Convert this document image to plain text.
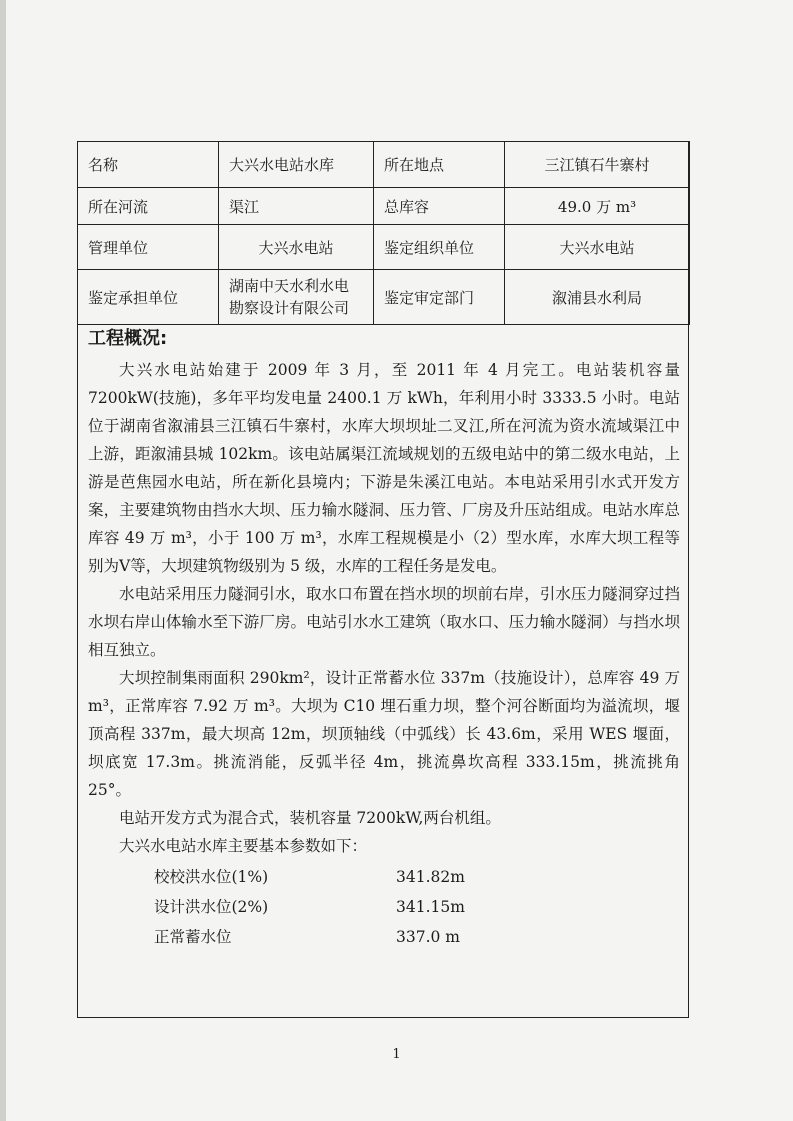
名称	大兴水电站水库	所在地点	三江镇石牛寨村
所在河流	渠江	总库容	49.0 万 m³
管理单位	大兴水电站	鉴定组织单位	大兴水电站
鉴定承担单位	湖南中天水利水电勘察设计有限公司	鉴定审定部门	溆浦县水利局
工程概况:

大兴水电站始建于 2009 年 3 月，至 2011 年 4 月完工。电站装机容量 7200kW(技施)，多年平均发电量 2400.1 万 kWh，年利用小时 3333.5 小时。电站位于湖南省溆浦县三江镇石牛寨村，水库大坝坝址二叉江,所在河流为资水流域渠江中上游，距溆浦县城 102km。该电站属渠江流域规划的五级电站中的第二级水电站，上游是芭焦园水电站，所在新化县境内；下游是朱溪江电站。本电站采用引水式开发方案，主要建筑物由挡水大坝、压力输水隧洞、压力管、厂房及升压站组成。电站水库总库容 49 万 m³，小于 100 万 m³，水库工程规模是小（2）型水库，水库大坝工程等别为Ⅴ等，大坝建筑物级别为 5 级，水库的工程任务是发电。

水电站采用压力隧洞引水，取水口布置在挡水坝的坝前右岸，引水压力隧洞穿过挡水坝右岸山体输水至下游厂房。电站引水水工建筑（取水口、压力输水隧洞）与挡水坝相互独立。

大坝控制集雨面积 290km²，设计正常蓄水位 337m（技施设计），总库容 49 万 m³，正常库容 7.92 万 m³。大坝为 C10 埋石重力坝，整个河谷断面均为溢流坝，堰顶高程 337m，最大坝高 12m，坝顶轴线（中弧线）长 43.6m，采用 WES 堰面，坝底宽 17.3m。挑流消能，反弧半径 4m，挑流鼻坎高程 333.15m，挑流挑角 25°。

电站开发方式为混合式，装机容量 7200kW,两台机组。

大兴水电站水库主要基本参数如下：

校校洪水位(1%)	341.82m
设计洪水位(2%)	341.15m
正常蓄水位	337.0 m
1
